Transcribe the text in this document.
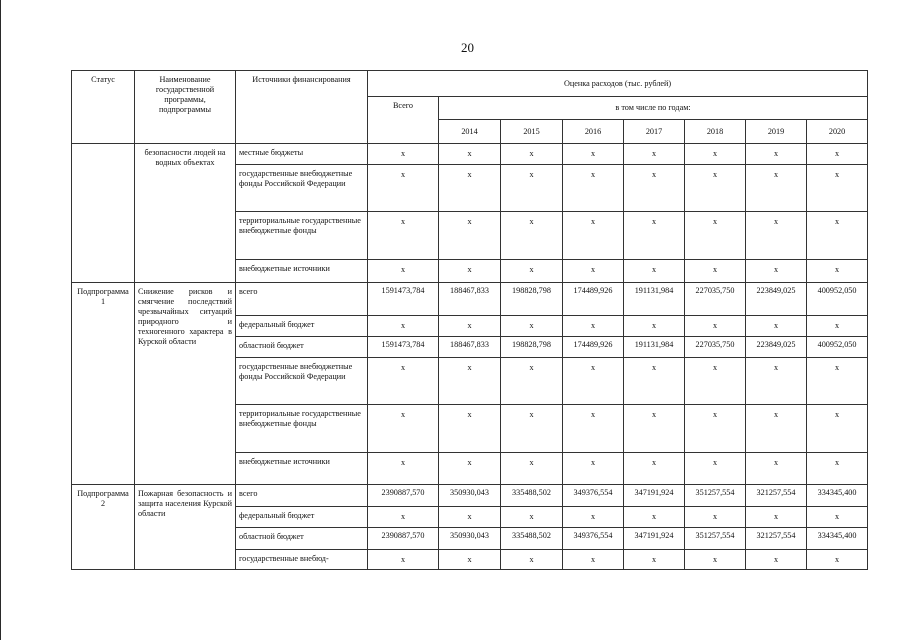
20
Статус	Наименование государственной программы, подпрограммы	Источники финансирования	Оценка расходов (тыс. рублей)							
			Всего	в том числе по годам:						
				2014	2015	2016	2017	2018	2019	2020
	безопасности людей на водных объектах	местные бюджеты	x	x	x	x	x	x	x	x
		государственные внебюджетные фонды Российской Федерации	x	x	x	x	x	x	x	x
		территориальные государственные внебюджетные фонды	x	x	x	x	x	x	x	x
		внебюджетные источники	x	x	x	x	x	x	x	x
Подпрограмма 1	Снижение рисков и смягчение последствий чрезвычайных ситуаций природного и техногенного характера в Курской области	всего	1591473,784	188467,833	198828,798	174489,926	191131,984	227035,750	223849,025	400952,050
		федеральный бюджет	x	x	x	x	x	x	x	x
		областной бюджет	1591473,784	188467,833	198828,798	174489,926	191131,984	227035,750	223849,025	400952,050
		государственные внебюджетные фонды Российской Федерации	x	x	x	x	x	x	x	x
		территориальные государственные внебюджетные фонды	x	x	x	x	x	x	x	x
		внебюджетные источники	x	x	x	x	x	x	x	x
Подпрограмма 2	Пожарная безопасность и защита населения Курской области	всего	2390887,570	350930,043	335488,502	349376,554	347191,924	351257,554	321257,554	334345,400
		федеральный бюджет	x	x	x	x	x	x	x	x
		областной бюджет	2390887,570	350930,043	335488,502	349376,554	347191,924	351257,554	321257,554	334345,400
		государственные внебюд-	x	x	x	x	x	x	x	x
